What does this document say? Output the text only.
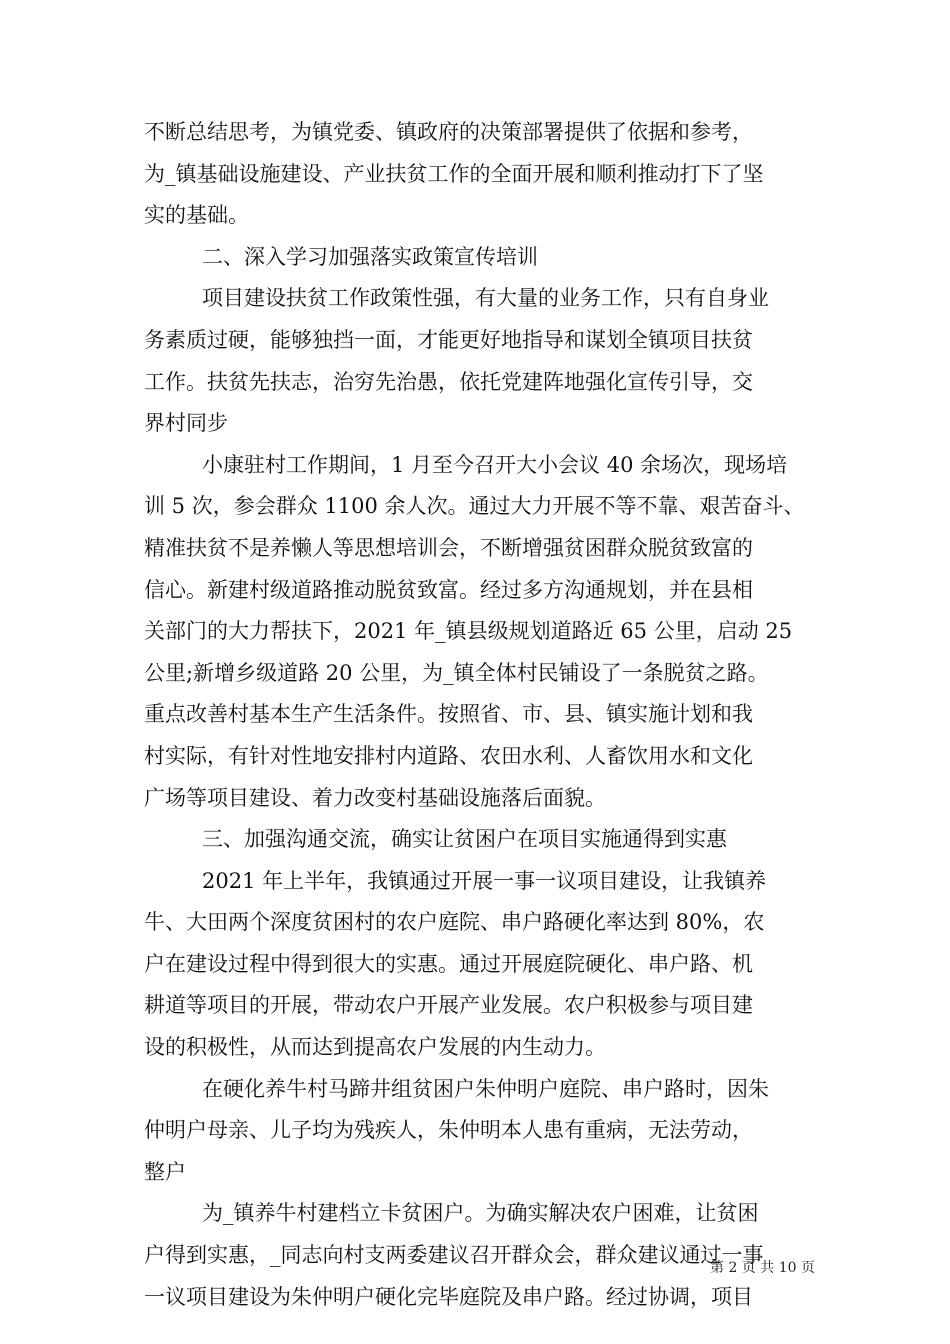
不断总结思考，为镇党委、镇政府的决策部署提供了依据和参考，
为_镇基础设施建设、产业扶贫工作的全面开展和顺利推动打下了坚
实的基础。
二、深入学习加强落实政策宣传培训
项目建设扶贫工作政策性强，有大量的业务工作，只有自身业
务素质过硬，能够独挡一面，才能更好地指导和谋划全镇项目扶贫
工作。扶贫先扶志，治穷先治愚，依托党建阵地强化宣传引导，交
界村同步
小康驻村工作期间，1 月至今召开大小会议 40 余场次，现场培
训 5 次，参会群众 1100 余人次。通过大力开展不等不靠、艰苦奋斗、
精准扶贫不是养懒人等思想培训会，不断增强贫困群众脱贫致富的
信心。新建村级道路推动脱贫致富。经过多方沟通规划，并在县相
关部门的大力帮扶下，2021 年_镇县级规划道路近 65 公里，启动 25
公里;新增乡级道路 20 公里，为_镇全体村民铺设了一条脱贫之路。
重点改善村基本生产生活条件。按照省、市、县、镇实施计划和我
村实际，有针对性地安排村内道路、农田水利、人畜饮用水和文化
广场等项目建设、着力改变村基础设施落后面貌。
三、加强沟通交流，确实让贫困户在项目实施通得到实惠
2021 年上半年，我镇通过开展一事一议项目建设，让我镇养
牛、大田两个深度贫困村的农户庭院、串户路硬化率达到 80%，农
户在建设过程中得到很大的实惠。通过开展庭院硬化、串户路、机
耕道等项目的开展，带动农户开展产业发展。农户积极参与项目建
设的积极性，从而达到提高农户发展的内生动力。
在硬化养牛村马蹄井组贫困户朱仲明户庭院、串户路时，因朱
仲明户母亲、儿子均为残疾人，朱仲明本人患有重病，无法劳动，
整户
为_镇养牛村建档立卡贫困户。为确实解决农户困难，让贫困
户得到实惠，_同志向村支两委建议召开群众会，群众建议通过一事
一议项目建设为朱仲明户硬化完毕庭院及串户路。经过协调，项目
第 2 页 共 10 页
